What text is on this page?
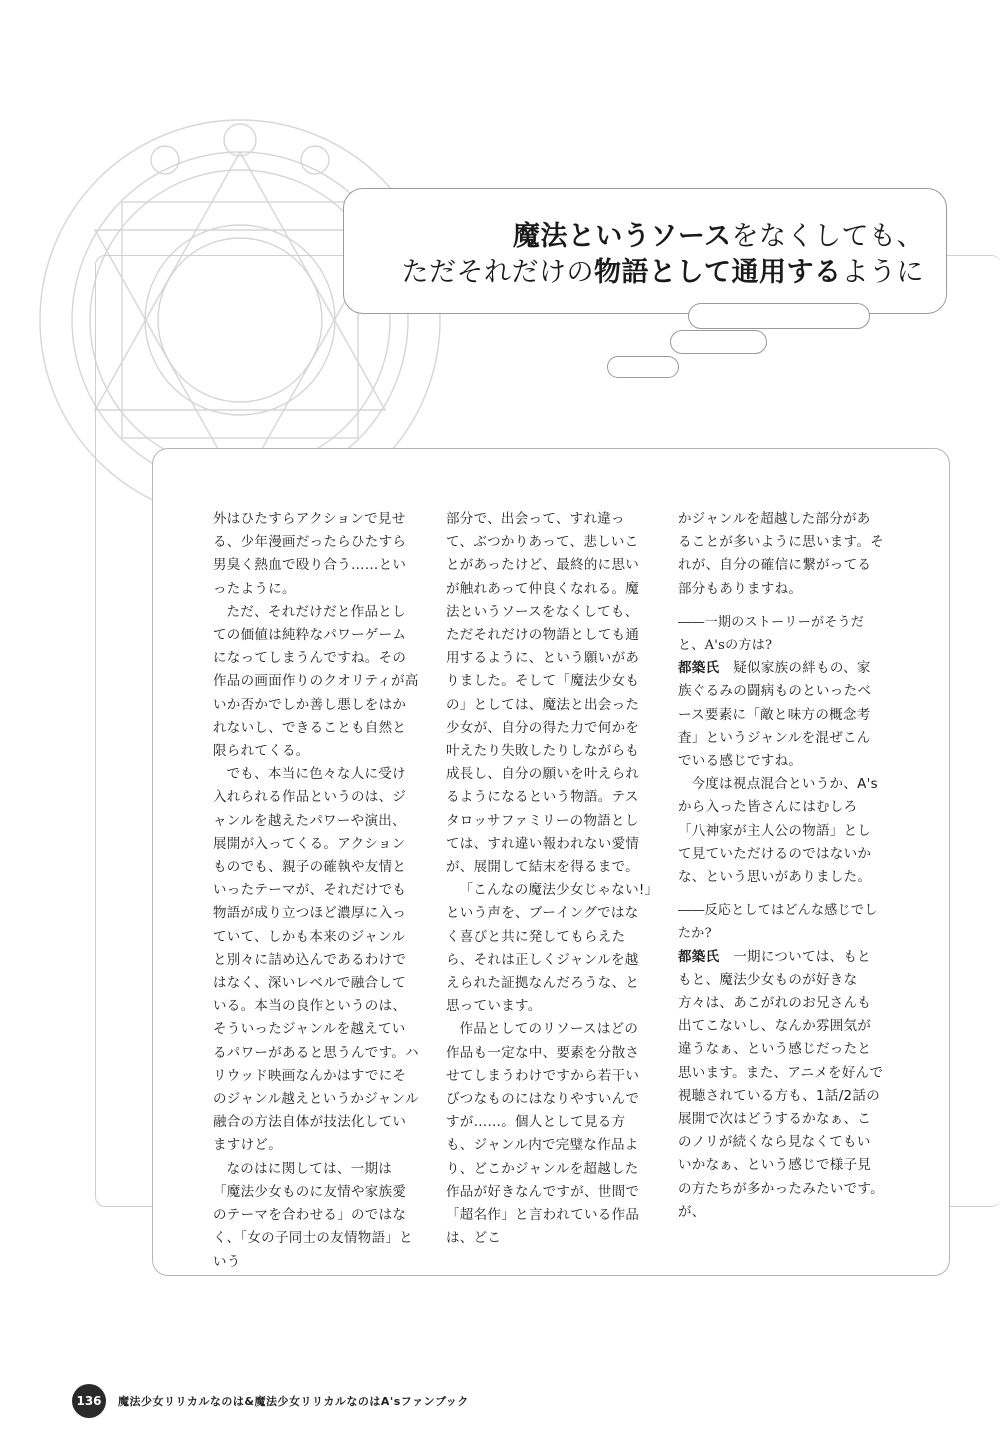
魔法というソースをなくしても、
ただそれだけの物語として通用するように

外はひたすらアクションで見せる、少年漫画だったらひたすら男臭く熱血で殴り合う……といったように。

ただ、それだけだと作品としての価値は純粋なパワーゲームになってしまうんですね。その作品の画面作りのクオリティが高いか否かでしか善し悪しをはかれないし、できることも自然と限られてくる。

でも、本当に色々な人に受け入れられる作品というのは、ジャンルを越えたパワーや演出、展開が入ってくる。アクションものでも、親子の確執や友情といったテーマが、それだけでも物語が成り立つほど濃厚に入っていて、しかも本来のジャンルと別々に詰め込んであるわけではなく、深いレベルで融合している。本当の良作というのは、そういったジャンルを越えているパワーがあると思うんです。ハリウッド映画なんかはすでにそのジャンル越えというかジャンル融合の方法自体が技法化していますけど。

なのはに関しては、一期は「魔法少女ものに友情や家族愛のテーマを合わせる」のではなく、「女の子同士の友情物語」という

部分で、出会って、すれ違って、ぶつかりあって、悲しいことがあったけど、最終的に思いが触れあって仲良くなれる。魔法というソースをなくしても、ただそれだけの物語としても通用するように、という願いがありました。そして「魔法少女もの」としては、魔法と出会った少女が、自分の得た力で何かを叶えたり失敗したりしながらも成長し、自分の願いを叶えられるようになるという物語。テスタロッサファミリーの物語としては、すれ違い報われない愛情が、展開して結末を得るまで。

「こんなの魔法少女じゃない!」という声を、ブーイングではなく喜びと共に発してもらえたら、それは正しくジャンルを越えられた証拠なんだろうな、と思っています。

作品としてのリソースはどの作品も一定な中、要素を分散させてしまうわけですから若干いびつなものにはなりやすいんですが……。個人として見る方も、ジャンル内で完璧な作品より、どこかジャンルを超越した作品が好きなんですが、世間で「超名作」と言われている作品は、どこ

かジャンルを超越した部分があることが多いように思います。それが、自分の確信に繋がってる部分もありますね。

――一期のストーリーがそうだと、A'sの方は?

都築氏　 疑似家族の絆もの、家族ぐるみの闘病ものといったベース要素に「敵と味方の概念考査」というジャンルを混ぜこんでいる感じですね。

今度は視点混合というか、A'sから入った皆さんにはむしろ「八神家が主人公の物語」として見ていただけるのではないかな、という思いがありました。

――反応としてはどんな感じでしたか?

都築氏　 一期については、もともと、魔法少女ものが好きな方々は、あこがれのお兄さんも出てこないし、なんか雰囲気が違うなぁ、という感じだったと思います。また、アニメを好んで視聴されている方も、1話/2話の展開で次はどうするかなぁ、このノリが続くなら見なくてもいいかなぁ、という感じで様子見の方たちが多かったみたいです。が、

136	魔法少女リリカルなのは&魔法少女リリカルなのはA'sファンブック
